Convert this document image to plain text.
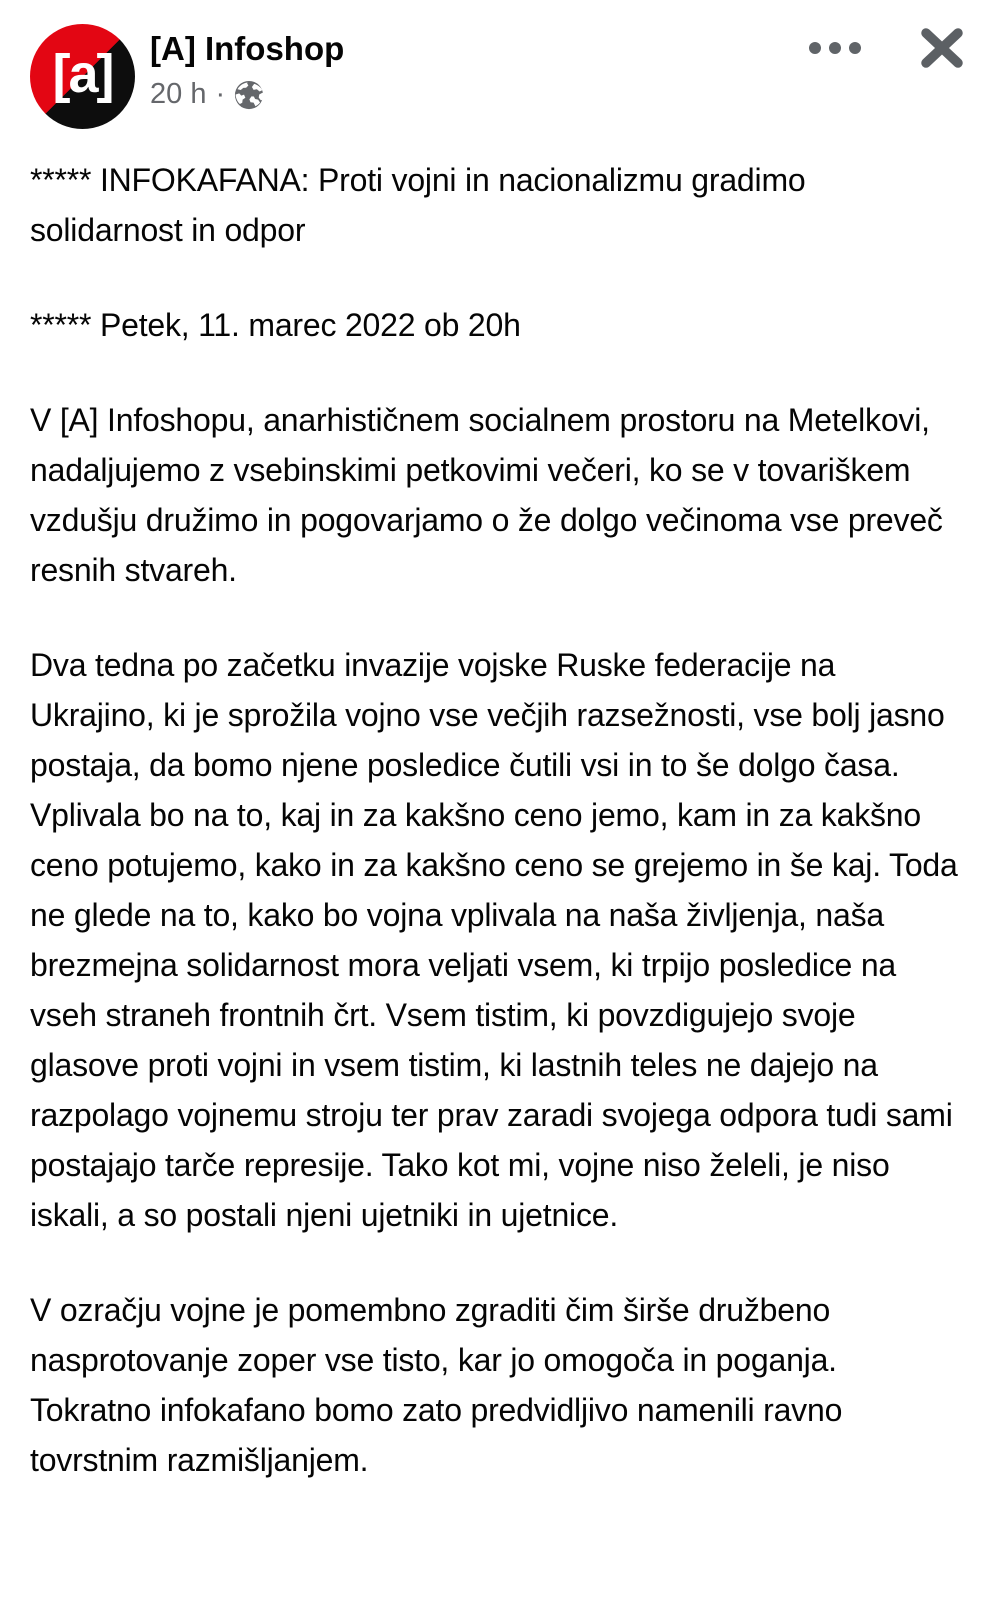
[a] [A] Infoshop
20 h ·

***** INFOKAFANA: Proti vojni in nacionalizmu gradimo solidarnost in odpor

***** Petek, 11. marec 2022 ob 20h

V [A] Infoshopu, anarhističnem socialnem prostoru na Metelkovi, nadaljujemo z vsebinskimi petkovimi večeri, ko se v tovariškem vzdušju družimo in pogovarjamo o že dolgo večinoma vse preveč resnih stvareh.

Dva tedna po začetku invazije vojske Ruske federacije na Ukrajino, ki je sprožila vojno vse večjih razsežnosti, vse bolj jasno postaja, da bomo njene posledice čutili vsi in to še dolgo časa. Vplivala bo na to, kaj in za kakšno ceno jemo, kam in za kakšno ceno potujemo, kako in za kakšno ceno se grejemo in še kaj. Toda ne glede na to, kako bo vojna vplivala na naša življenja, naša brezmejna solidarnost mora veljati vsem, ki trpijo posledice na vseh straneh frontnih črt. Vsem tistim, ki povzdigujejo svoje glasove proti vojni in vsem tistim, ki lastnih teles ne dajejo na razpolago vojnemu stroju ter prav zaradi svojega odpora tudi sami postajajo tarče represije. Tako kot mi, vojne niso želeli, je niso iskali, a so postali njeni ujetniki in ujetnice.

V ozračju vojne je pomembno zgraditi čim širše družbeno nasprotovanje zoper vse tisto, kar jo omogoča in poganja. Tokratno infokafano bomo zato predvidljivo namenili ravno tovrstnim razmišljanjem.
